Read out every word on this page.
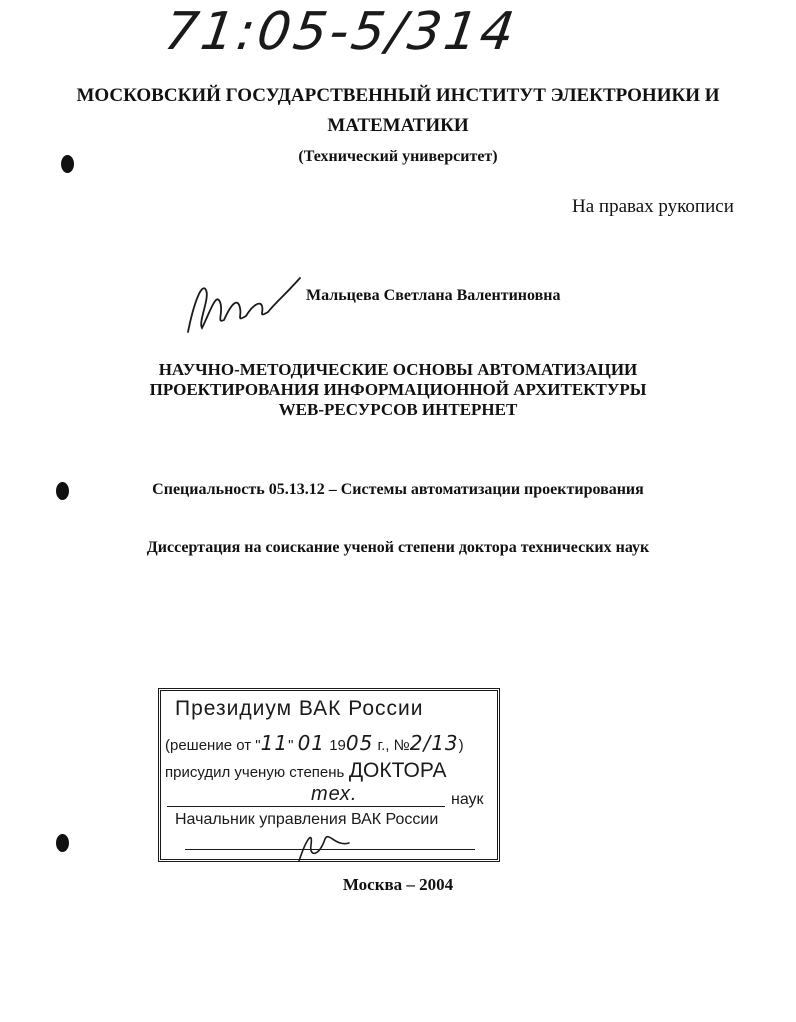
71:05-5/314
МОСКОВСКИЙ ГОСУДАРСТВЕННЫЙ ИНСТИТУТ ЭЛЕКТРОНИКИ И
МАТЕМАТИКИ
(Технический университет)
На правах рукописи
Мальцева Светлана Валентиновна
НАУЧНО-МЕТОДИЧЕСКИЕ ОСНОВЫ АВТОМАТИЗАЦИИ
ПРОЕКТИРОВАНИЯ ИНФОРМАЦИОННОЙ АРХИТЕКТУРЫ
WEB-РЕСУРСОВ ИНТЕРНЕТ
Специальность 05.13.12 – Системы автоматизации проектирования
Диссертация на соискание ученой степени доктора технических наук
Президиум ВАК России
(решение от "11" 01 1905 г., №2/13)
присудил ученую степень ДОКТОРА
тех.	наук
Начальник управления ВАК России
Москва – 2004
